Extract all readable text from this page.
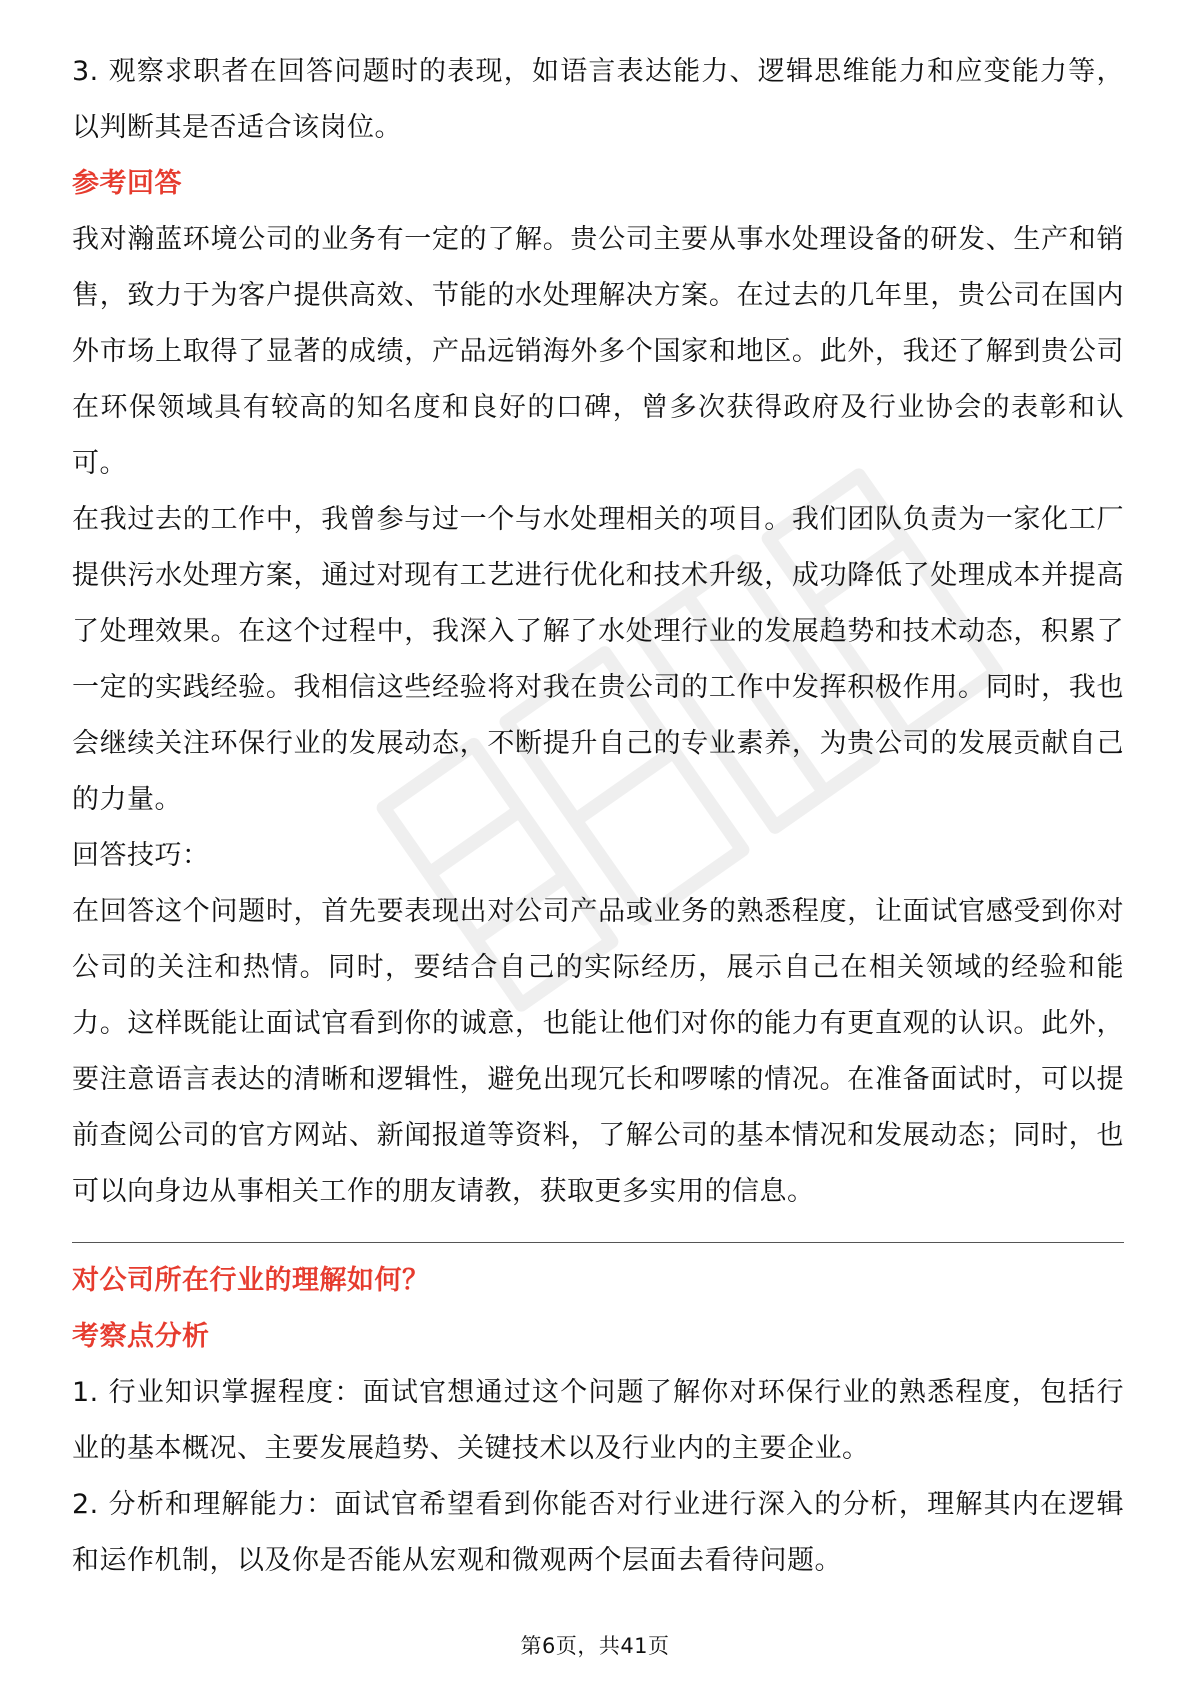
3. 观察求职者在回答问题时的表现，如语言表达能力、逻辑思维能力和应变能力等，以判断其是否适合该岗位。

参考回答

我对瀚蓝环境公司的业务有一定的了解。贵公司主要从事水处理设备的研发、生产和销售，致力于为客户提供高效、节能的水处理解决方案。在过去的几年里，贵公司在国内外市场上取得了显著的成绩，产品远销海外多个国家和地区。此外，我还了解到贵公司在环保领域具有较高的知名度和良好的口碑，曾多次获得政府及行业协会的表彰和认可。

在我过去的工作中，我曾参与过一个与水处理相关的项目。我们团队负责为一家化工厂提供污水处理方案，通过对现有工艺进行优化和技术升级，成功降低了处理成本并提高了处理效果。在这个过程中，我深入了解了水处理行业的发展趋势和技术动态，积累了一定的实践经验。我相信这些经验将对我在贵公司的工作中发挥积极作用。同时，我也会继续关注环保行业的发展动态，不断提升自己的专业素养，为贵公司的发展贡献自己的力量。

回答技巧：

在回答这个问题时，首先要表现出对公司产品或业务的熟悉程度，让面试官感受到你对公司的关注和热情。同时，要结合自己的实际经历，展示自己在相关领域的经验和能力。这样既能让面试官看到你的诚意，也能让他们对你的能力有更直观的认识。此外，要注意语言表达的清晰和逻辑性，避免出现冗长和啰嗦的情况。在准备面试时，可以提前查阅公司的官方网站、新闻报道等资料，了解公司的基本情况和发展动态；同时，也可以向身边从事相关工作的朋友请教，获取更多实用的信息。

对公司所在行业的理解如何？

考察点分析

1. 行业知识掌握程度：面试官想通过这个问题了解你对环保行业的熟悉程度，包括行业的基本概况、主要发展趋势、关键技术以及行业内的主要企业。

2. 分析和理解能力：面试官希望看到你能否对行业进行深入的分析，理解其内在逻辑和运作机制，以及你是否能从宏观和微观两个层面去看待问题。

第6页，共41页
